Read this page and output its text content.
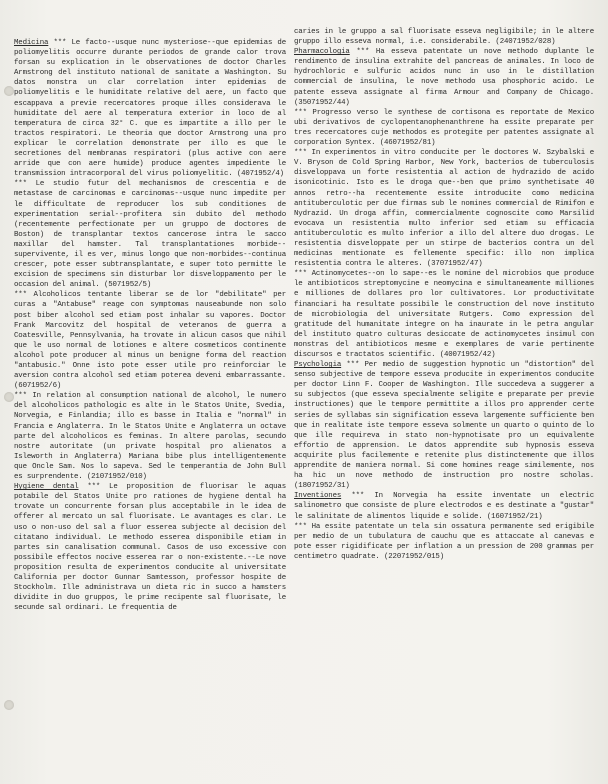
Medicina *** Le facto--usque nunc mysteriose--que epidemias de poliomyelitis occurre durante periodos de grande calor trova forsan su explication in le observationes de doctor Charles Armstrong del instituto national de sanitate a Washington. Su datos monstra un clar correlation inter epidemias de poliomyelitis e le humiditate relative del aere, un facto que escappava a previe recercatores proque illes considerava le humiditate del aere al temperatura exterior in loco de al temperatura de circa 32° C. que es impartite a illo per le tractos respiratori. Le theoria que doctor Armstrong una pro explicar le correlation demonstrate per illo es que le secretiones del membranas respiratori (plus active con aere arride que con aere humide) produce agentes impediente le transmission intracorporal del virus poliomyelitic. (4071952/4)

*** Le studio futur del mechanismos de crescentia e de metastase de carcinomas e carcinomas--usque nunc impedite per le difficultate de reproducer los sub conditiones de experimentation serial--profitera sin dubito del methodo (recentemente perfectionate per un gruppo de doctores de Boston) de transplantar textos cancerose intra le sacco maxillar del hamster. Tal transplantationes morbide--supervivente, il es ver, minus longo que non-morbides--continua crescer, pote esser subtransplantate, e super toto permitte le excision de specimens sin disturbar lor disveloppamento per le occasion del animal. (5071952/5)

*** Alcoholicos tentante liberar se de lor "debilitate" per curas a "Antabuse" reage con symptomas nauseabunde non solo post biber alcohol sed etiam post inhalar su vapores. Doctor Frank Marcovitz del hospital de veteranos de guerra a Coatesville, Pennsylvania, ha trovate in alicun casos que nihil que le uso normal de lotiones e altere cosmeticos continente alcohol pote producer al minus un benigne forma del reaction "antabusic." Onne isto pote esser utile pro reinforciar le aversion contra alcohol sed etiam poterea deveni embarrassante. (6071952/6)

*** In relation al consumption national de alcohol, le numero del alcoholicos pathologic es alte in le Statos Unite, Svedia, Norvegia, e Finlandia; illo es basse in Italia e "normal" in Francia e Anglaterra. In le Statos Unite e Anglaterra un octave parte del alcoholicos es feminas. In altere parolas, secundo nostre autoritate (un private hospital pro alienatos a Isleworth in Anglaterra) Mariana bibe plus intelligentemente que Oncle Sam. Nos lo sapeva. Sed le temperantia de John Bull es surprendente. (21071952/010)

Hygiene dental *** Le proposition de fluorisar le aquas potabile del Statos Unite pro rationes de hygiene dental ha trovate un concurrente forsan plus acceptabile in le idea de offerer al mercato un sal fluorisate. Le avantages es clar. Le uso o non-uso del sal a fluor esserea subjecte al decision del citatano individual. Le methodo esserea disponibile etiam in partes sin canalisation communal. Casos de uso excessive con possibile effectos nocive esserea rar o non-existente.--Le nove proposition resulta de experimentos conducite al universitate California per doctor Gunnar Samtesson, professor hospite de Stockholm. Ille administrava un dieta ric in succo a hamsters dividite in duo gruppos, le prime recipente sal fluorisate, le secunde sal ordinari. Le frequentia de

caries in le gruppo a sal fluorisate esseva negligibile; in le altere gruppo illo esseva normal, i.e. considerabile. (24071952/028)

Pharmacologia *** Ha esseva patentate un nove methodo duplante le rendimento de insulina extrahite del pancreas de animales. In loco de hydrochloric e sulfuric acidos nunc in uso in le distillation commercial de insulina, le nove methodo usa phosphoric acido. Le patente esseva assignate al firma Armour and Company de Chicago. (35071952/44)

*** Progresso verso le synthese de cortisona es reportate de Mexico ubi derivativos de cyclopentanophenanthrene ha essite preparate per tres recercatores cuje methodos es protegite per patentes assignate al corporation Syntex. (46071952/81)

*** In experimentos in vitro conducite per le doctores W. Szybalski e V. Bryson de Cold Spring Harbor, New York, bacterios de tuberculosis disveloppava un forte resistentia al action de hydrazido de acido isonicotinic. Isto es le droga que--ben que primo synthetisate 40 annos retro--ha recentemente essite introducite como medicina antituberculotic per due firmas sub le nomines commercial de Rimifon e Nydrazid. Un droga affin, commercialmente cognoscite como Marsilid evocava un resistentia multo inferior sed etiam su efficacia antituberculotic es multo inferior a illo del altere duo drogas. Le resistentia disveloppate per un stirpe de bacterios contra un del medicinas mentionate es fellemente specific: illo non implica resistentia contra le alteres. (37071952/47)

*** Actinomycetes--on lo sape--es le nomine del microbios que produce le antibioticos streptomycine e neomycina e simultaneamente milliones e milliones de dollares pro lor cultivatores. Lor productivitate financiari ha resultate possibile le construction del nove instituto de microbiologia del universitate Rutgers. Como expression del gratitude del humanitate integre on ha inaurate in le petra angular del instituto quatro culturas desiccate de actinomycetes insimul con monstras del antibioticos mesme e exemplares de varie pertinente discursos e tractatos scientific. (40071952/42)

Psychologia *** Per medio de suggestion hypnotic un "distortion" del senso subjective de tempore esseva producite in experimentos conducite per doctor Linn F. Cooper de Washington. Ille succedeva a suggerer a su subjectos (que esseva specialmente seligite e preparate per previe instructiones) que le tempore permittite a illos pro apprender certe series de syllabas sin signification esseva largemente sufficiente ben que in realitate iste tempore esseva solmente un quarto o quinto de lo que ille requireva in stato non-hypnotisate pro un equivalente effortio de apprension. Le datos apprendite sub hypnosis esseva acquirite plus facilemente e retenite plus distinctemente que illos apprendite de maniera normal. Si come homines reage similemente, nos ha hic un nove methodo de instruction pro nostre scholas. (18071952/31)

Inventiones *** In Norvegia ha essite inventate un electric salinometro que consiste de plure electrodos e es destinate a "gustar" le salinitate de alimentos liquide e solide. (16071952/21)

*** Ha essite patentate un tela sin ossatura permanente sed erigibile per medio de un tubulatura de cauchu que es attaccate al canevas e pote esser rigidificate per inflation a un pression de 200 grammas per centimetro quadrate. (22071952/015)
